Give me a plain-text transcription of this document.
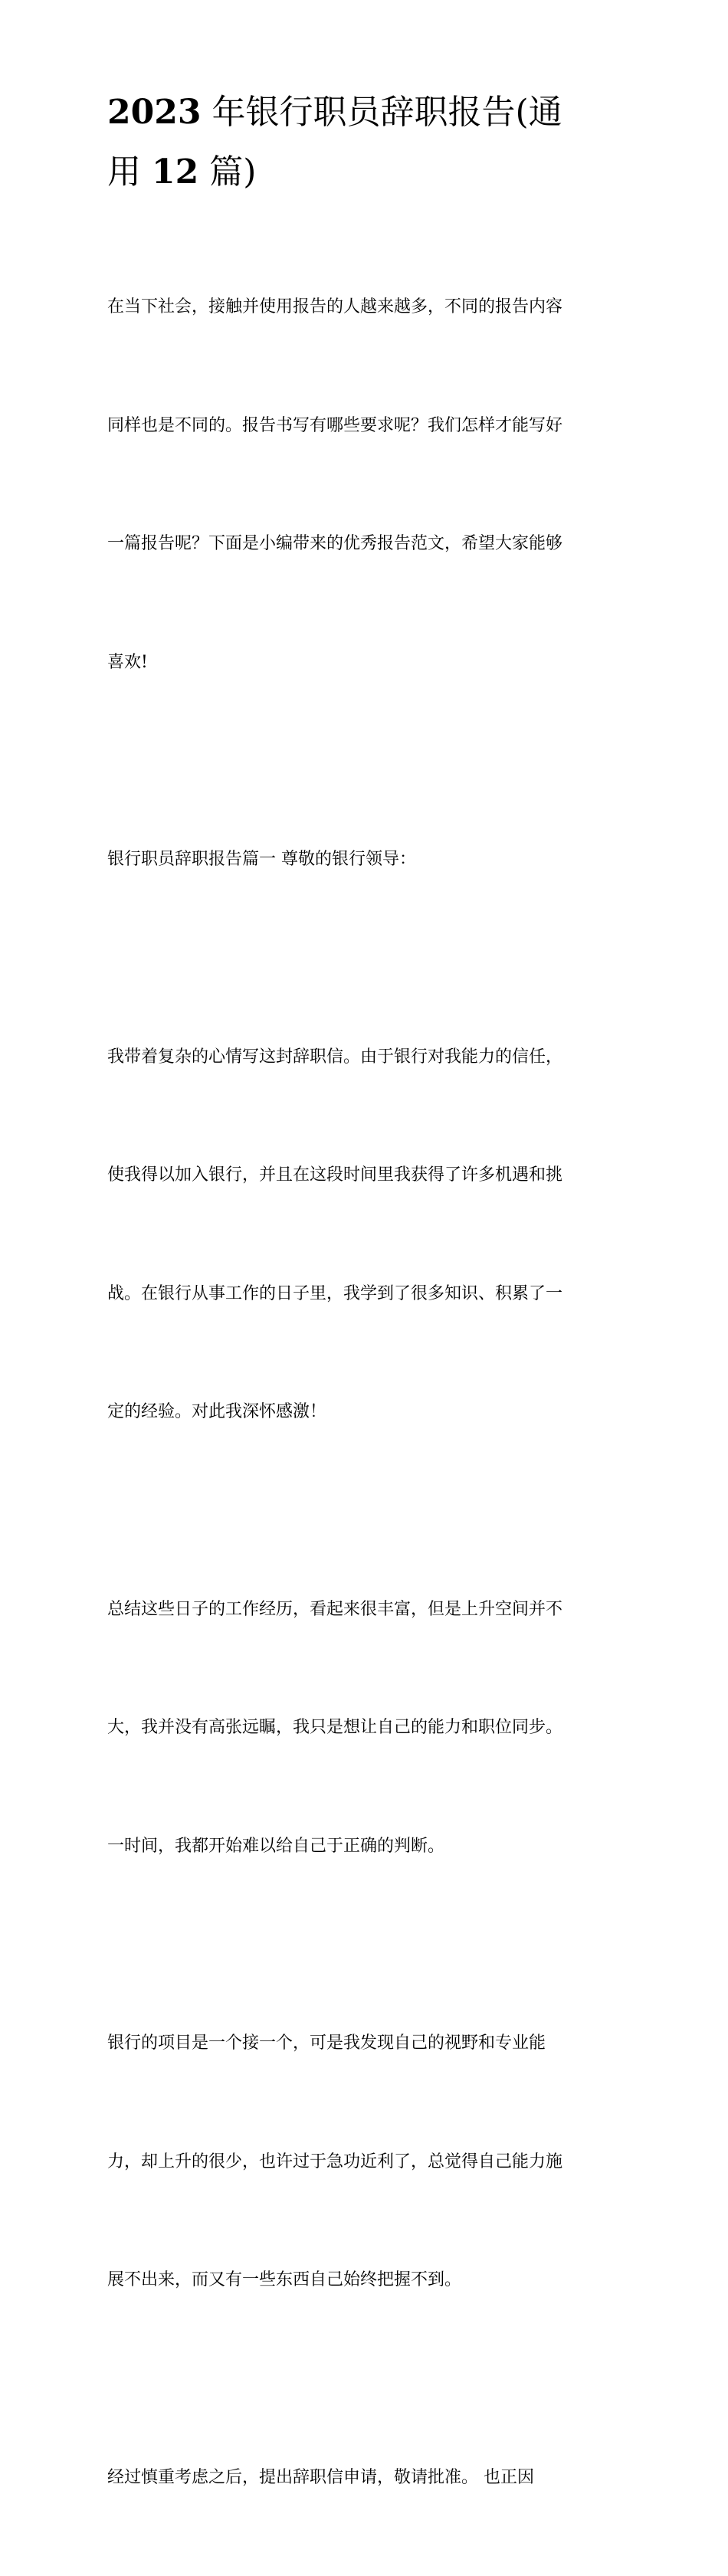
2023 年银行职员辞职报告(通
用 12 篇)

在当下社会，接触并使用报告的人越来越多，不同的报告内容

同样也是不同的。报告书写有哪些要求呢？我们怎样才能写好

一篇报告呢？下面是小编带来的优秀报告范文，希望大家能够

喜欢!

银行职员辞职报告篇一 尊敬的银行领导：

我带着复杂的心情写这封辞职信。由于银行对我能力的信任，

使我得以加入银行，并且在这段时间里我获得了许多机遇和挑

战。在银行从事工作的日子里，我学到了很多知识、积累了一

定的经验。对此我深怀感激！

总结这些日子的工作经历，看起来很丰富，但是上升空间并不

大，我并没有高张远瞩，我只是想让自己的能力和职位同步。

一时间，我都开始难以给自己于正确的判断。

银行的项目是一个接一个，可是我发现自己的视野和专业能

力，却上升的很少，也许过于急功近利了，总觉得自己能力施

展不出来，而又有一些东西自己始终把握不到。

经过慎重考虑之后，提出辞职信申请，敬请批准。 也正因
